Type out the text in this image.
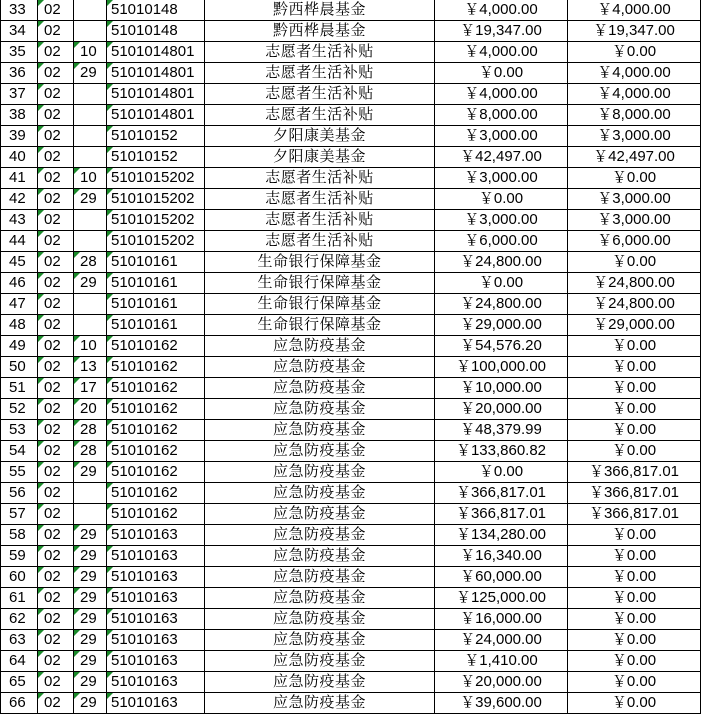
33	02		51010148	黔西桦晨基金	￥4,000.00	￥4,000.00
34	02		51010148	黔西桦晨基金	￥19,347.00	￥19,347.00
35	02	10	5101014801	志愿者生活补贴	￥4,000.00	￥0.00
36	02	29	5101014801	志愿者生活补贴	￥0.00	￥4,000.00
37	02		5101014801	志愿者生活补贴	￥4,000.00	￥4,000.00
38	02		5101014801	志愿者生活补贴	￥8,000.00	￥8,000.00
39	02		51010152	夕阳康美基金	￥3,000.00	￥3,000.00
40	02		51010152	夕阳康美基金	￥42,497.00	￥42,497.00
41	02	10	5101015202	志愿者生活补贴	￥3,000.00	￥0.00
42	02	29	5101015202	志愿者生活补贴	￥0.00	￥3,000.00
43	02		5101015202	志愿者生活补贴	￥3,000.00	￥3,000.00
44	02		5101015202	志愿者生活补贴	￥6,000.00	￥6,000.00
45	02	28	51010161	生命银行保障基金	￥24,800.00	￥0.00
46	02	29	51010161	生命银行保障基金	￥0.00	￥24,800.00
47	02		51010161	生命银行保障基金	￥24,800.00	￥24,800.00
48	02		51010161	生命银行保障基金	￥29,000.00	￥29,000.00
49	02	10	51010162	应急防疫基金	￥54,576.20	￥0.00
50	02	13	51010162	应急防疫基金	￥100,000.00	￥0.00
51	02	17	51010162	应急防疫基金	￥10,000.00	￥0.00
52	02	20	51010162	应急防疫基金	￥20,000.00	￥0.00
53	02	28	51010162	应急防疫基金	￥48,379.99	￥0.00
54	02	28	51010162	应急防疫基金	￥133,860.82	￥0.00
55	02	29	51010162	应急防疫基金	￥0.00	￥366,817.01
56	02		51010162	应急防疫基金	￥366,817.01	￥366,817.01
57	02		51010162	应急防疫基金	￥366,817.01	￥366,817.01
58	02	29	51010163	应急防疫基金	￥134,280.00	￥0.00
59	02	29	51010163	应急防疫基金	￥16,340.00	￥0.00
60	02	29	51010163	应急防疫基金	￥60,000.00	￥0.00
61	02	29	51010163	应急防疫基金	￥125,000.00	￥0.00
62	02	29	51010163	应急防疫基金	￥16,000.00	￥0.00
63	02	29	51010163	应急防疫基金	￥24,000.00	￥0.00
64	02	29	51010163	应急防疫基金	￥1,410.00	￥0.00
65	02	29	51010163	应急防疫基金	￥20,000.00	￥0.00
66	02	29	51010163	应急防疫基金	￥39,600.00	￥0.00
